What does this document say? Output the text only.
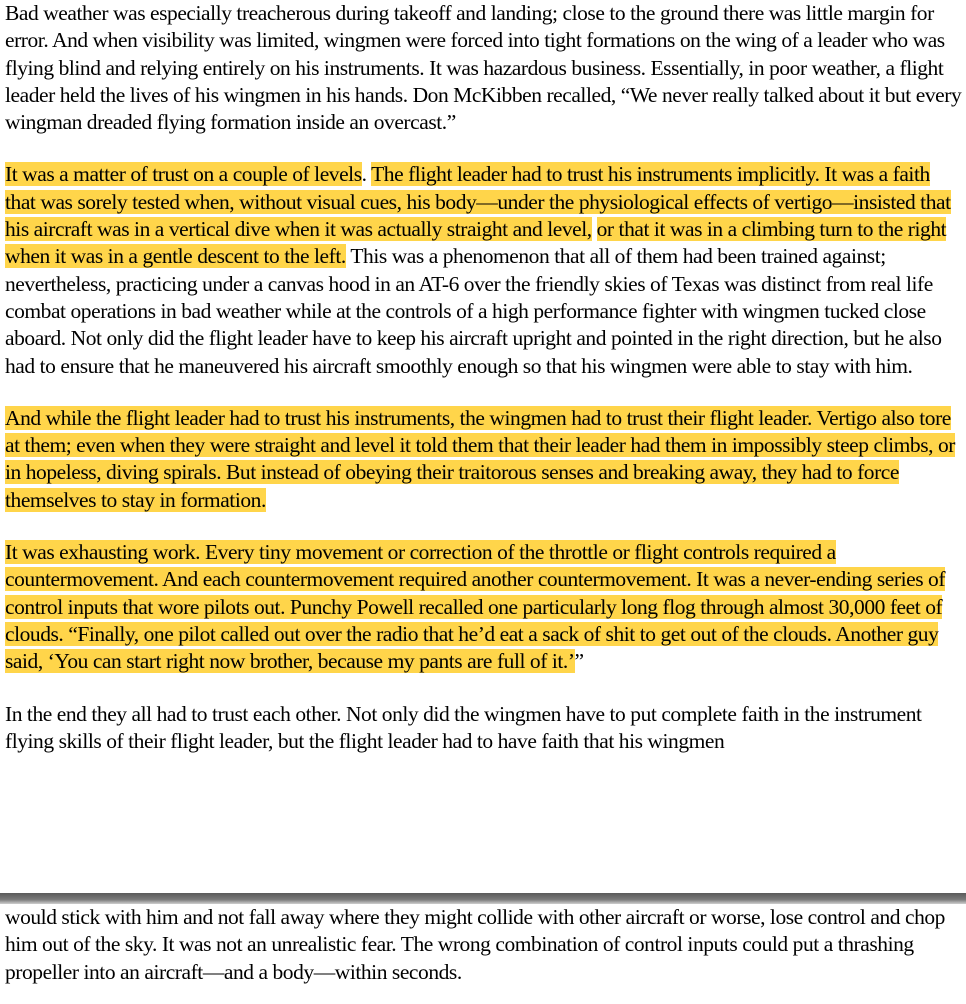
Bad weather was especially treacherous during takeoff and landing; close to the ground there was little margin for error. And when visibility was limited, wingmen were forced into tight formations on the wing of a leader who was flying blind and relying entirely on his instruments. It was hazardous business. Essentially, in poor weather, a flight leader held the lives of his wingmen in his hands. Don McKibben recalled, “We never really talked about it but every wingman dreaded flying formation inside an overcast.”

It was a matter of trust on a couple of levels. The flight leader had to trust his instruments implicitly. It was a faith that was sorely tested when, without visual cues, his body—under the physiological effects of vertigo—insisted that his aircraft was in a vertical dive when it was actually straight and level, or that it was in a climbing turn to the right when it was in a gentle descent to the left. This was a phenomenon that all of them had been trained against; nevertheless, practicing under a canvas hood in an AT-6 over the friendly skies of Texas was distinct from real life combat operations in bad weather while at the controls of a high performance fighter with wingmen tucked close aboard. Not only did the flight leader have to keep his aircraft upright and pointed in the right direction, but he also had to ensure that he maneuvered his aircraft smoothly enough so that his wingmen were able to stay with him.

And while the flight leader had to trust his instruments, the wingmen had to trust their flight leader. Vertigo also tore at them; even when they were straight and level it told them that their leader had them in impossibly steep climbs, or in hopeless, diving spirals. But instead of obeying their traitorous senses and breaking away, they had to force themselves to stay in formation.

It was exhausting work. Every tiny movement or correction of the throttle or flight controls required a countermovement. And each countermovement required another countermovement. It was a never-ending series of control inputs that wore pilots out. Punchy Powell recalled one particularly long flog through almost 30,000 feet of clouds. “Finally, one pilot called out over the radio that he’d eat a sack of shit to get out of the clouds. Another guy said, ‘You can start right now brother, because my pants are full of it.’”

In the end they all had to trust each other. Not only did the wingmen have to put complete faith in the instrument flying skills of their flight leader, but the flight leader had to have faith that his wingmen

would stick with him and not fall away where they might collide with other aircraft or worse, lose control and chop him out of the sky. It was not an unrealistic fear. The wrong combination of control inputs could put a thrashing propeller into an aircraft—and a body—within seconds.
